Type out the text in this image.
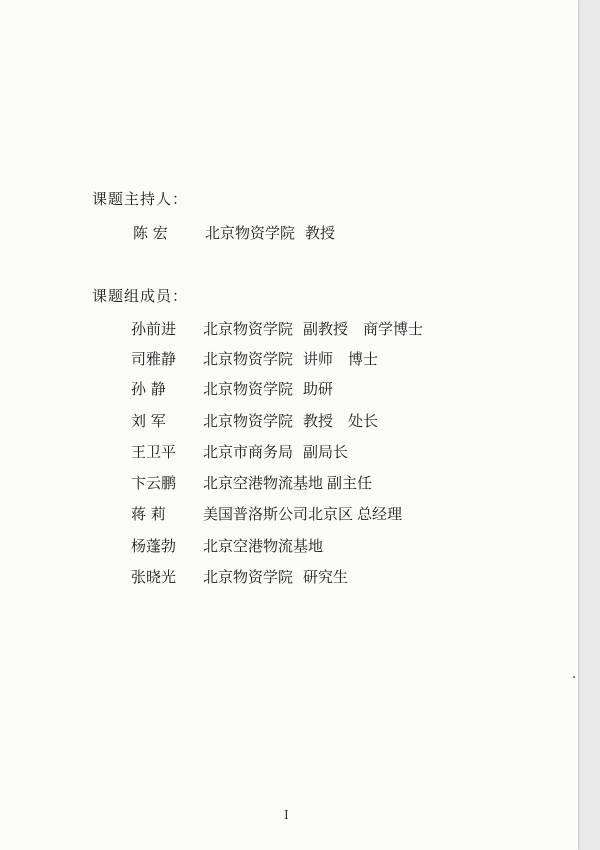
课题主持人：
陈 宏 北京物资学院 教授
课题组成员：
孙前进 北京物资学院 副教授　商学博士
司雅静 北京物资学院 讲师　博士
孙 静 北京物资学院 助研
刘 军 北京物资学院 教授　处长
王卫平 北京市商务局 副局长
卞云鹏 北京空港物流基地 副主任
蒋 莉 美国普洛斯公司北京区 总经理
杨蓬勃 北京空港物流基地
张晓光 北京物资学院 研究生
I
